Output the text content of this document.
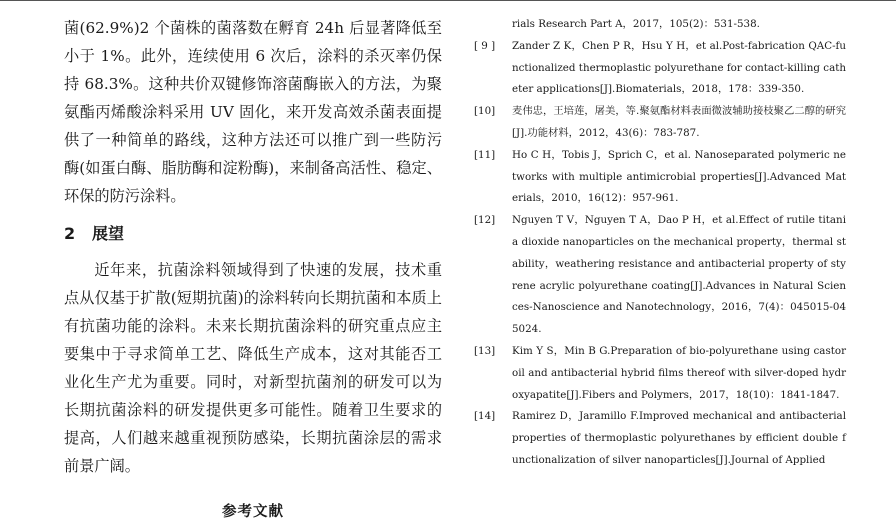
菌(62.9%)2 个菌株的菌落数在孵育 24h 后显著降低至小于 1%。此外，连续使用 6 次后，涂料的杀灭率仍保持 68.3%。这种共价双键修饰溶菌酶嵌入的方法，为聚氨酯丙烯酸涂料采用 UV 固化，来开发高效杀菌表面提供了一种简单的路线，这种方法还可以推广到一些防污酶(如蛋白酶、脂肪酶和淀粉酶)，来制备高活性、稳定、环保的防污涂料。

2 展望

近年来，抗菌涂料领域得到了快速的发展，技术重点从仅基于扩散(短期抗菌)的涂料转向长期抗菌和本质上有抗菌功能的涂料。未来长期抗菌涂料的研究重点应主要集中于寻求简单工艺、降低生产成本，这对其能否工业化生产尤为重要。同时，对新型抗菌剂的研发可以为长期抗菌涂料的研发提供更多可能性。随着卫生要求的提高，人们越来越重视预防感染，长期抗菌涂层的需求前景广阔。

参考文献
rials Research Part A，2017，105(2)：531-538.
[ 9 ]	Zander Z K，Chen P R，Hsu Y H，et al.Post-fabrication QAC-functionalized thermoplastic polyurethane for contact-killing catheter applications[J].Biomaterials，2018，178：339-350.
[10]	麦伟忠，王培莲，屠美，等.聚氨酯材料表面微波辅助接枝聚乙二醇的研究[J].功能材料，2012，43(6)：783-787.
[11]	Ho C H，Tobis J，Sprich C，et al. Nanoseparated polymeric networks with multiple antimicrobial properties[J].Advanced Materials，2010，16(12)：957-961.
[12]	Nguyen T V，Nguyen T A，Dao P H，et al.Effect of rutile titania dioxide nanoparticles on the mechanical property，thermal stability，weathering resistance and antibacterial property of styrene acrylic polyurethane coating[J].Advances in Natural Sciences-Nanoscience and Nanotechnology，2016，7(4)：045015-045024.
[13]	Kim Y S，Min B G.Preparation of bio-polyurethane using castor oil and antibacterial hybrid films thereof with silver-doped hydroxyapatite[J].Fibers and Polymers，2017，18(10)：1841-1847.
[14]	Ramirez D，Jaramillo F.Improved mechanical and antibacterial properties of thermoplastic polyurethanes by efficient double functionalization of silver nanoparticles[J].Journal of Applied
